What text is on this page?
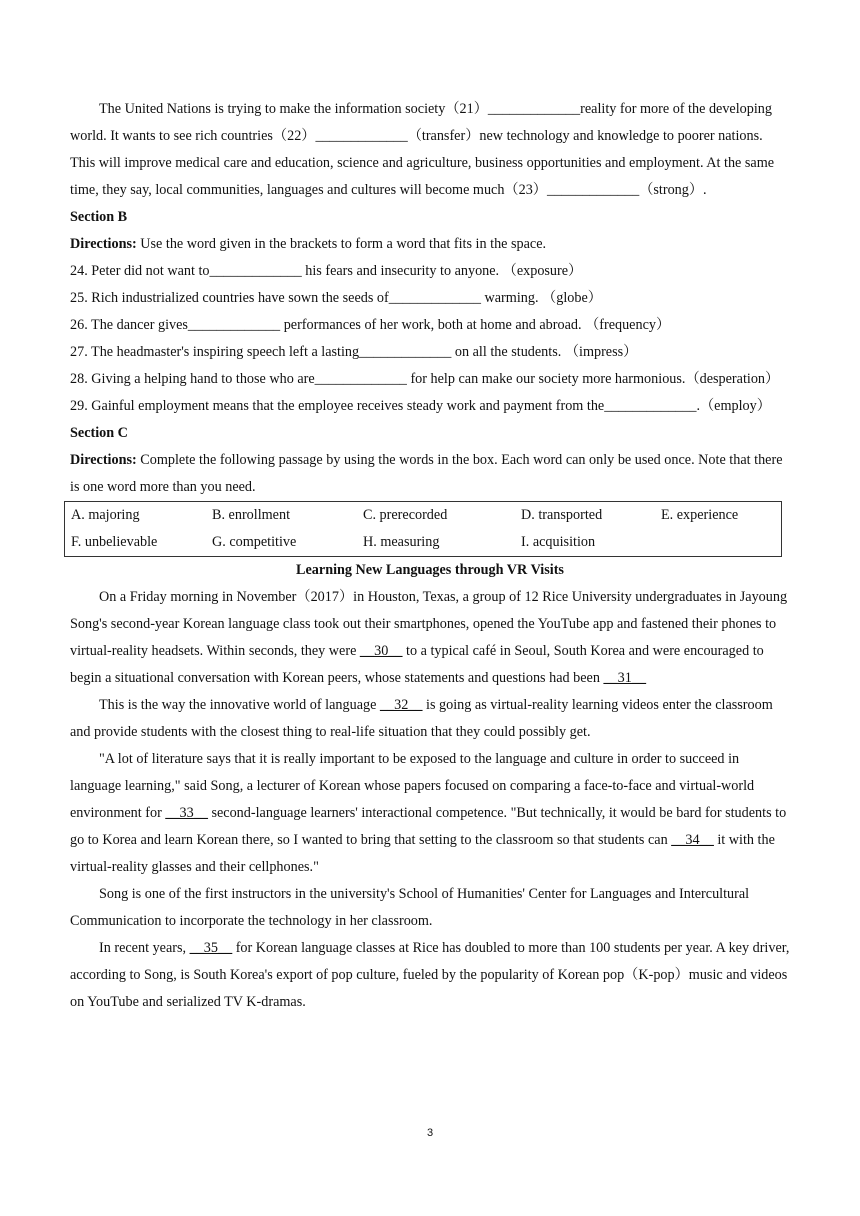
The United Nations is trying to make the information society（21）_____________reality for more of the developing world. It wants to see rich countries（22）_____________（transfer）new technology and knowledge to poorer nations. This will improve medical care and education, science and agriculture, business opportunities and employment. At the same time, they say, local communities, languages and cultures will become much（23）_____________（strong）.

Section B

Directions: Use the word given in the brackets to form a word that fits in the space.

24. Peter did not want to_____________ his fears and insecurity to anyone. （exposure）

25. Rich industrialized countries have sown the seeds of_____________ warming. （globe）

26. The dancer gives_____________ performances of her work, both at home and abroad. （frequency）

27. The headmaster's inspiring speech left a lasting_____________ on all the students. （impress）

28. Giving a helping hand to those who are_____________ for help can make our society more harmonious.（desperation）

29. Gainful employment means that the employee receives steady work and payment from the_____________.（employ）

Section C

Directions: Complete the following passage by using the words in the box. Each word can only be used once. Note that there is one word more than you need.

A. majoring	B. enrollment	C. prerecorded	D. transported	E. experience
F. unbelievable	G. competitive	H. measuring	I. acquisition

Learning New Languages through VR Visits

On a Friday morning in November（2017）in Houston, Texas, a group of 12 Rice University undergraduates in Jayoung Song's second-year Korean language class took out their smartphones, opened the YouTube app and fastened their phones to virtual-reality headsets. Within seconds, they were __30__ to a typical café in Seoul, South Korea and were encouraged to begin a situational conversation with Korean peers, whose statements and questions had been __31__

This is the way the innovative world of language __32__ is going as virtual-reality learning videos enter the classroom and provide students with the closest thing to real-life situation that they could possibly get.

"A lot of literature says that it is really important to be exposed to the language and culture in order to succeed in language learning," said Song, a lecturer of Korean whose papers focused on comparing a face-to-face and virtual-world environment for __33__ second-language learners' interactional competence. "But technically, it would be bard for students to go to Korea and learn Korean there, so I wanted to bring that setting to the classroom so that students can __34__ it with the virtual-reality glasses and their cellphones."

Song is one of the first instructors in the university's School of Humanities' Center for Languages and Intercultural Communication to incorporate the technology in her classroom.

In recent years, __35__ for Korean language classes at Rice has doubled to more than 100 students per year. A key driver, according to Song, is South Korea's export of pop culture, fueled by the popularity of Korean pop（K-pop）music and videos on YouTube and serialized TV K-dramas.

3
